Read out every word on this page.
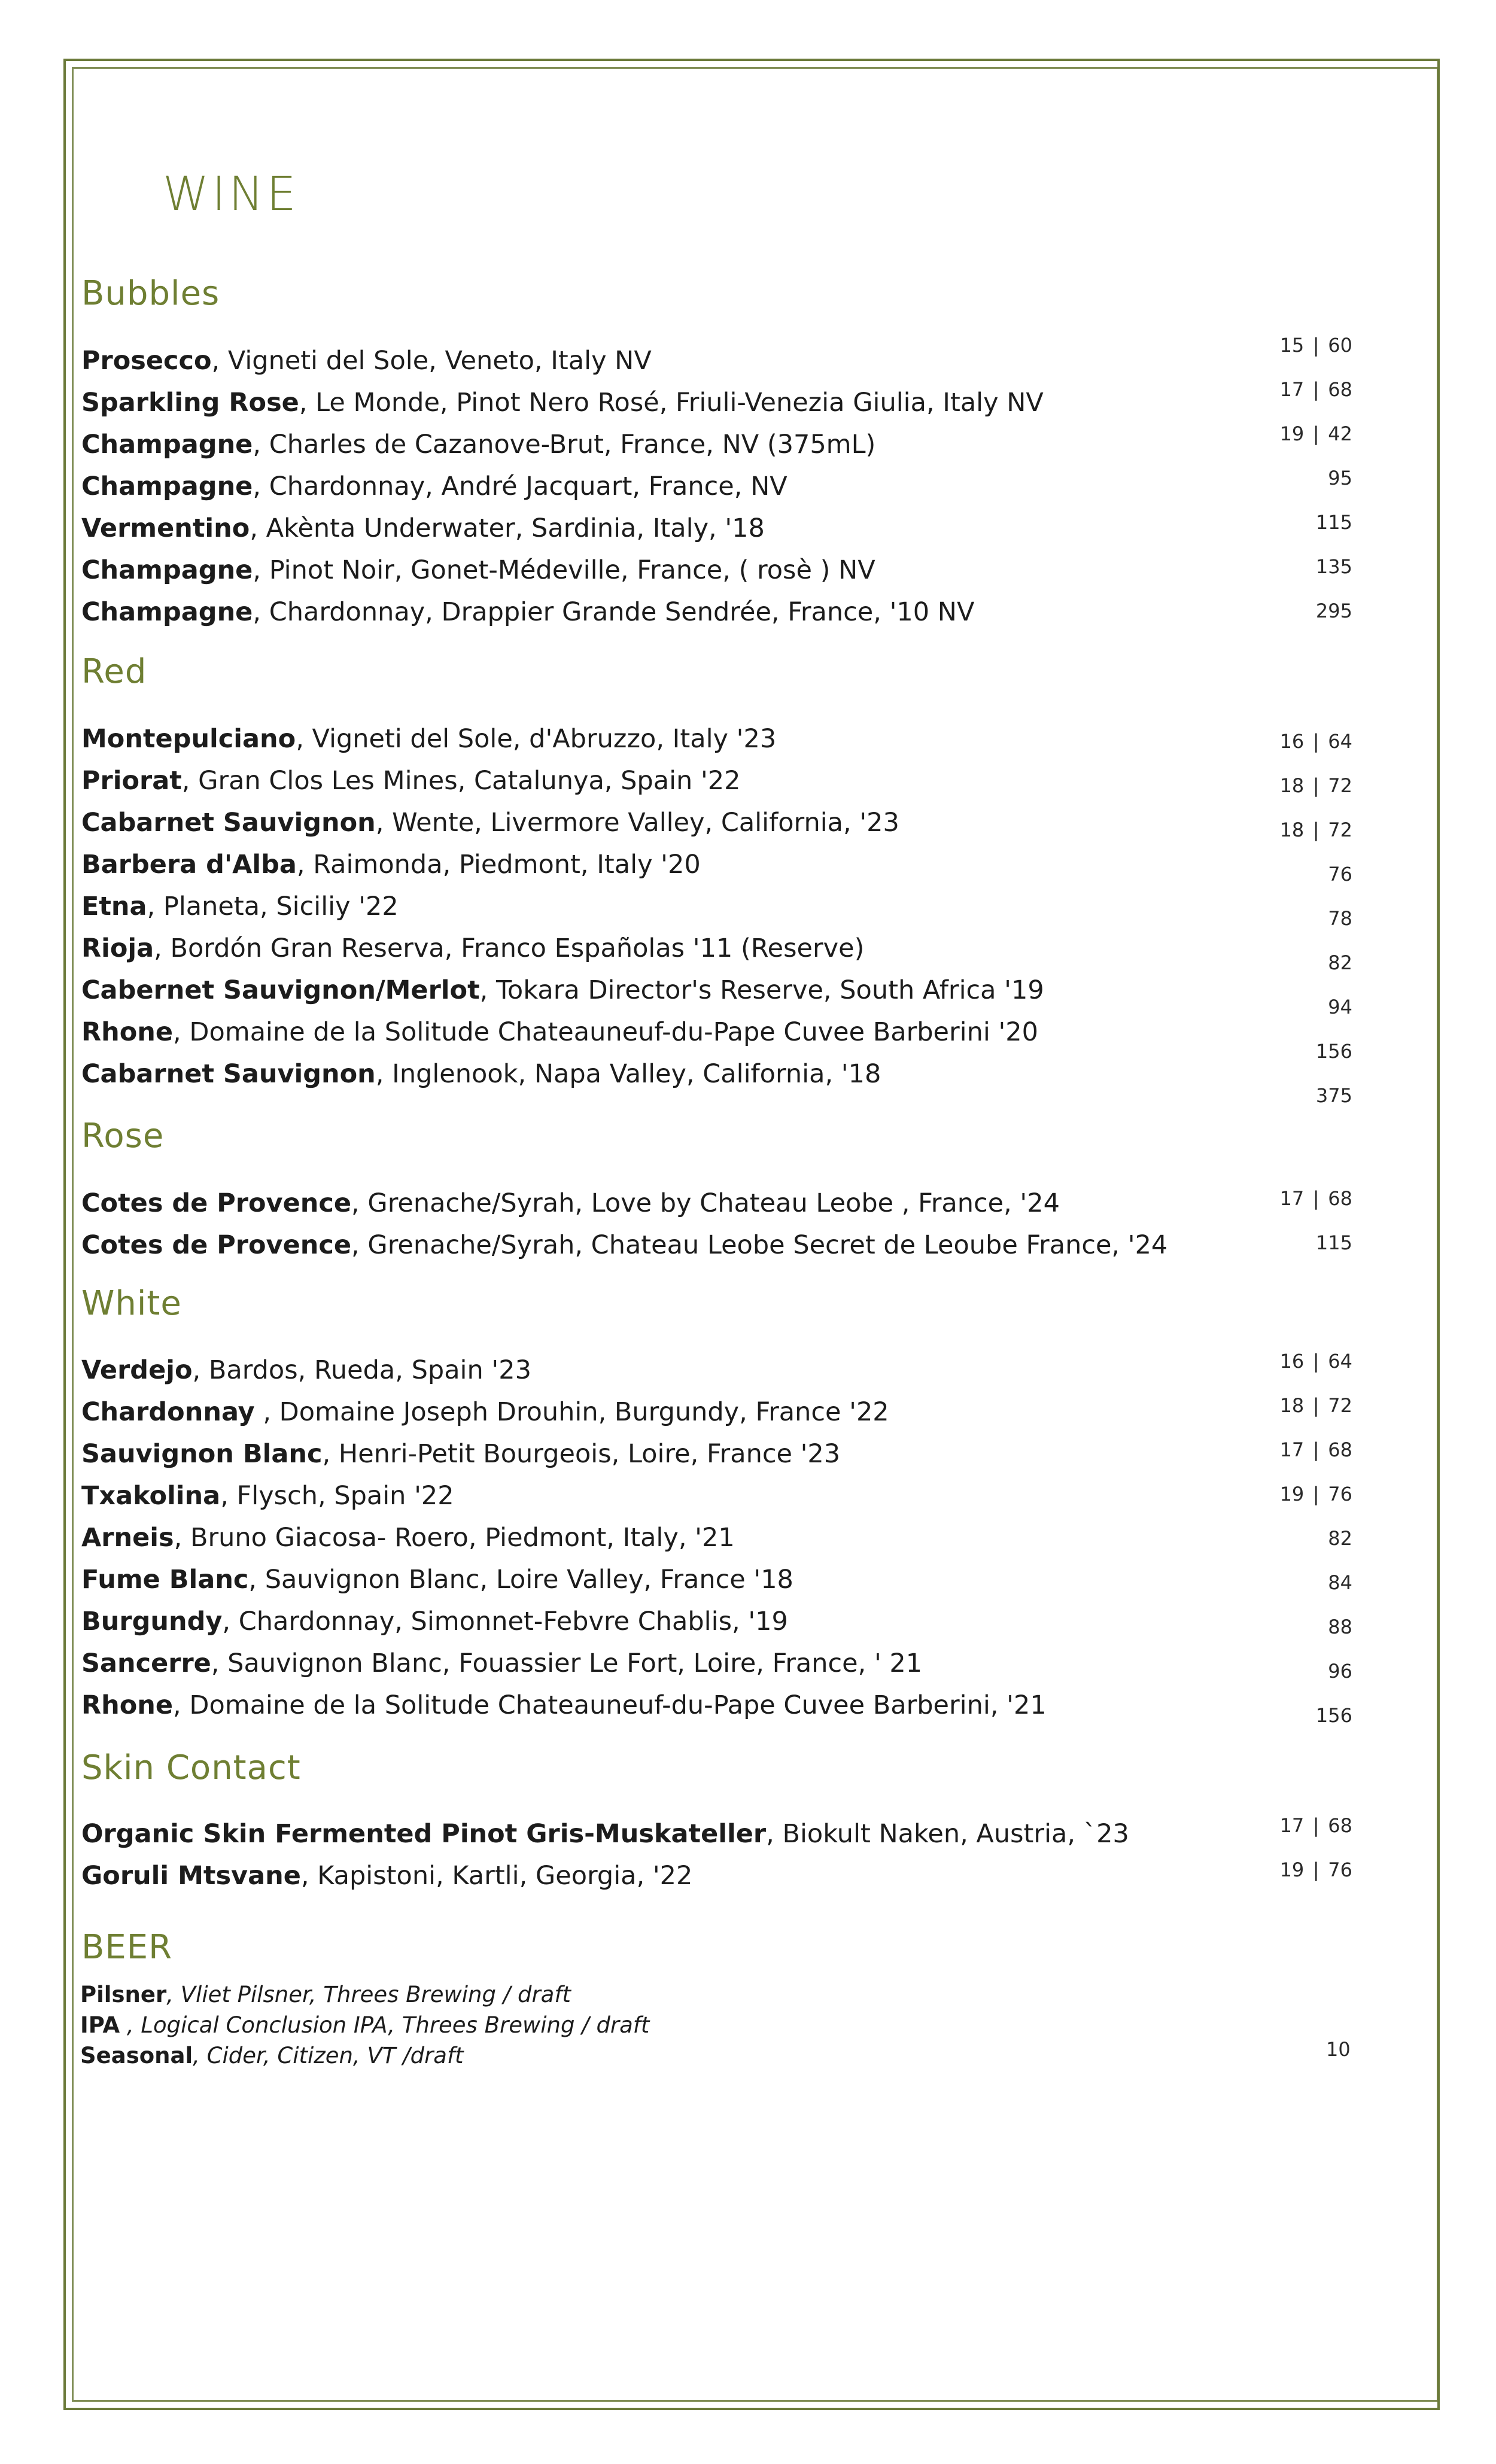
WINE
Bubbles
Prosecco, Vigneti del Sole, Veneto, Italy NV
Sparkling Rose, Le Monde, Pinot Nero Rosé, Friuli-Venezia Giulia, Italy NV
Champagne, Charles de Cazanove-Brut, France, NV (375mL)
Champagne, Chardonnay, André Jacquart, France, NV
Vermentino, Akènta Underwater, Sardinia, Italy, '18
Champagne, Pinot Noir, Gonet-Médeville, France, ( rosè ) NV
Champagne, Chardonnay, Drappier Grande Sendrée, France, '10 NV
15 | 60
17 | 68
19 | 42
95
115
135
295
Red
Montepulciano, Vigneti del Sole, d'Abruzzo, Italy '23
Priorat, Gran Clos Les Mines, Catalunya, Spain '22
Cabarnet Sauvignon, Wente, Livermore Valley, California, '23
Barbera d'Alba, Raimonda, Piedmont, Italy '20
Etna, Planeta, Siciliy '22
Rioja, Bordón Gran Reserva, Franco Españolas '11 (Reserve)
Cabernet Sauvignon/Merlot, Tokara Director's Reserve, South Africa '19
Rhone, Domaine de la Solitude Chateauneuf-du-Pape Cuvee Barberini '20
Cabarnet Sauvignon, Inglenook, Napa Valley, California, '18
16 | 64
18 | 72
18 | 72
76
78
82
94
156
375
Rose
Cotes de Provence, Grenache/Syrah, Love by Chateau Leobe , France, '24
Cotes de Provence, Grenache/Syrah, Chateau Leobe Secret de Leoube France, '24
17 | 68
115
White
Verdejo, Bardos, Rueda, Spain '23
Chardonnay , Domaine Joseph Drouhin, Burgundy, France '22
Sauvignon Blanc, Henri-Petit Bourgeois, Loire, France '23
Txakolina, Flysch, Spain '22
Arneis, Bruno Giacosa- Roero, Piedmont, Italy, '21
Fume Blanc, Sauvignon Blanc, Loire Valley, France '18
Burgundy, Chardonnay, Simonnet-Febvre Chablis, '19
Sancerre, Sauvignon Blanc, Fouassier Le Fort, Loire, France, ' 21
Rhone, Domaine de la Solitude Chateauneuf-du-Pape Cuvee Barberini, '21
16 | 64
18 | 72
17 | 68
19 | 76
82
84
88
96
156
Skin Contact
Organic Skin Fermented Pinot Gris-Muskateller, Biokult Naken, Austria, `23
Goruli Mtsvane, Kapistoni, Kartli, Georgia, '22
17 | 68
19 | 76
BEER
Pilsner, Vliet Pilsner, Threes Brewing / draft
IPA , Logical Conclusion IPA, Threes Brewing / draft
Seasonal, Cider, Citizen, VT /draft	10
